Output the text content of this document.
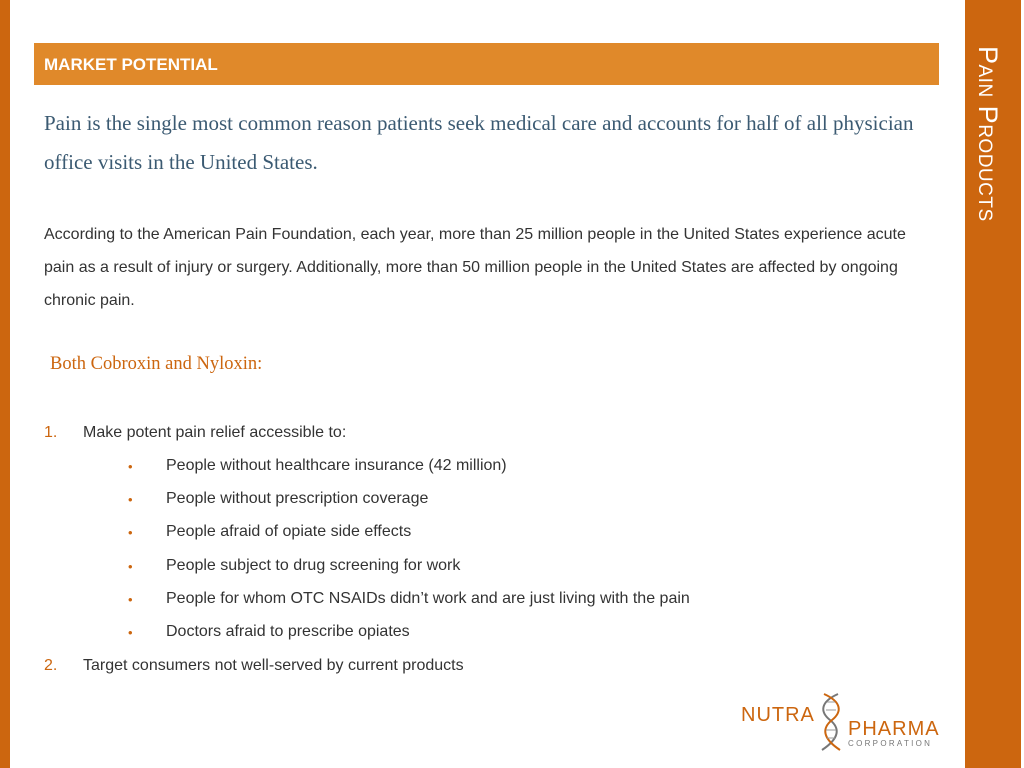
Pain Products
MARKET POTENTIAL
Pain is the single most common reason patients seek medical care and accounts for half of all physician office visits in the United States.
According to the American Pain Foundation, each year, more than 25 million people in the United States experience acute pain as a result of injury or surgery. Additionally, more than 50 million people in the United States are affected by ongoing chronic pain.
Both Cobroxin and Nyloxin:
1. Make potent pain relief accessible to:
• People without healthcare insurance (42 million)
• People without prescription coverage
• People afraid of opiate side effects
• People subject to drug screening for work
• People for whom OTC NSAIDs didn’t work and are just living with the pain
• Doctors afraid to prescribe opiates
2. Target consumers not well-served by current products
NUTRA
PHARMA
CORPORATION
